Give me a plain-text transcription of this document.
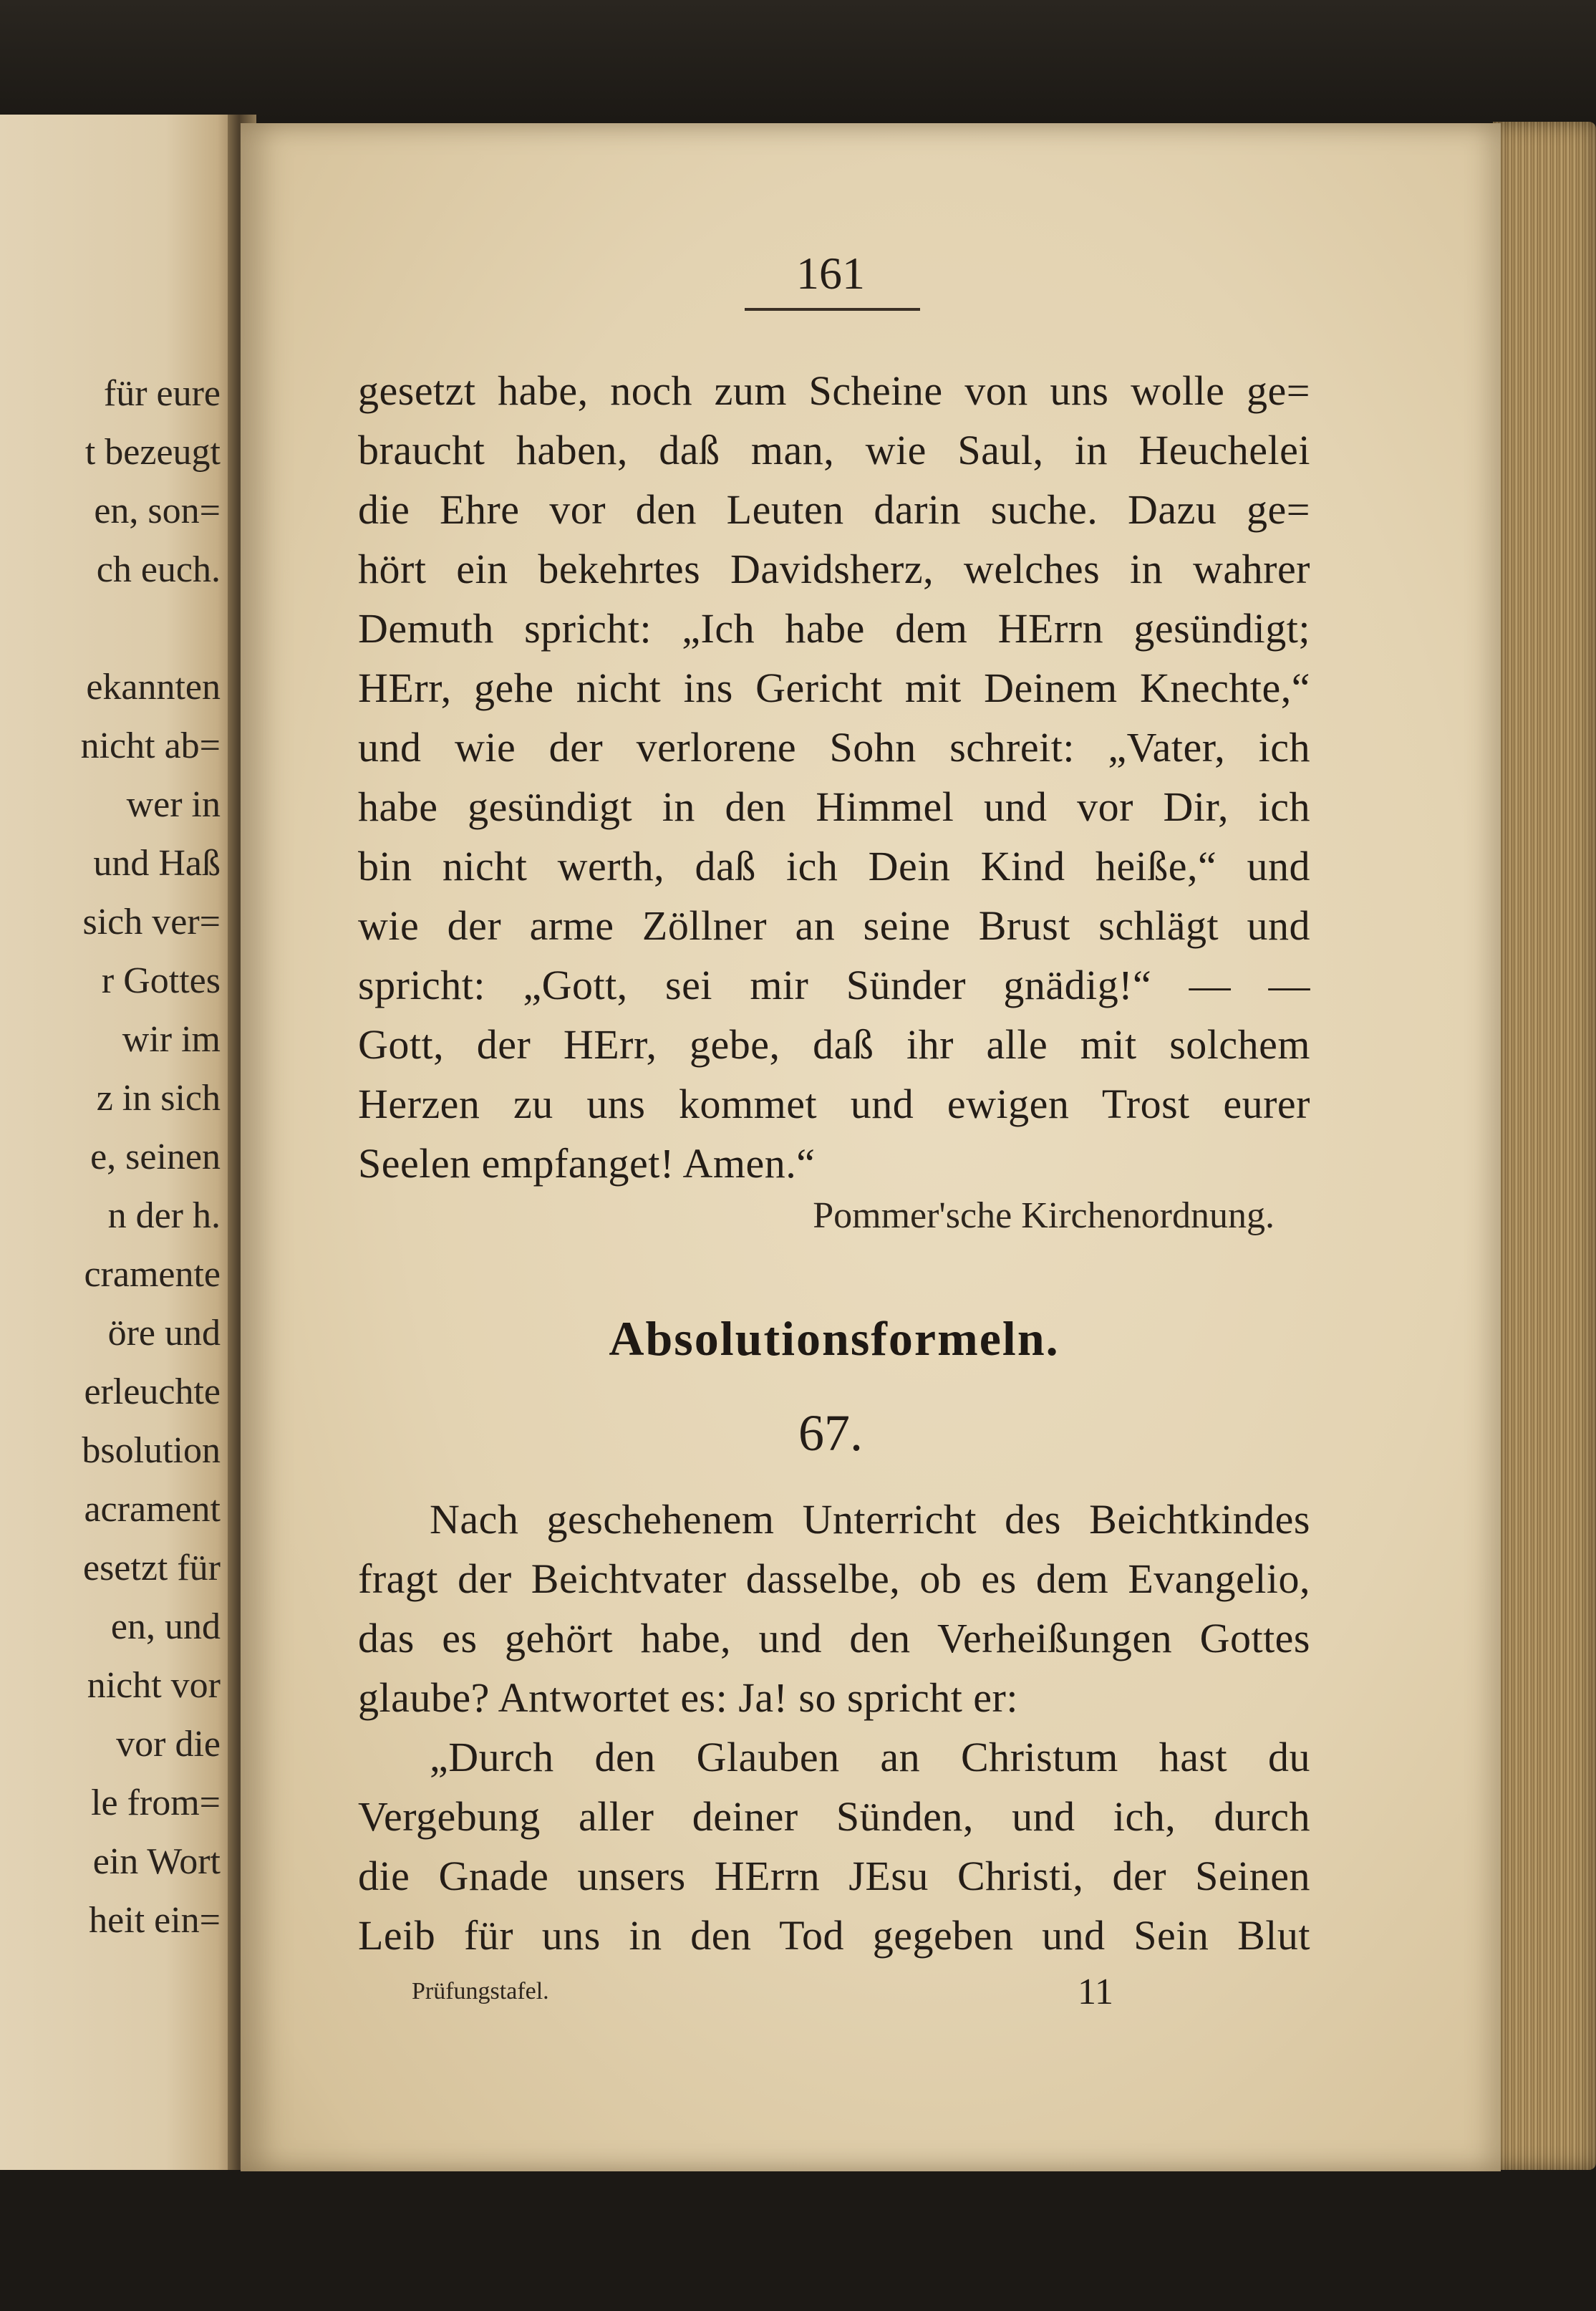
für eure
t bezeugt
en, son=
ch euch.
ekannten
nicht ab=
wer in
und Haß
sich ver=
r Gottes
wir im
z in sich
e, seinen
n der h.
cramente
öre und
erleuchte
bsolution
acrament
esetzt für
en, und
nicht vor
vor die
le from=
ein Wort
heit ein=
161
gesetzt habe, noch zum Scheine von uns wolle ge=
braucht haben, daß man, wie Saul, in Heuchelei
die Ehre vor den Leuten darin suche. Dazu ge=
hört ein bekehrtes Davidsherz, welches in wahrer
Demuth spricht: „Ich habe dem HErrn gesündigt;
HErr, gehe nicht ins Gericht mit Deinem Knechte,“
und wie der verlorene Sohn schreit: „Vater, ich
habe gesündigt in den Himmel und vor Dir, ich
bin nicht werth, daß ich Dein Kind heiße,“ und
wie der arme Zöllner an seine Brust schlägt und
spricht: „Gott, sei mir Sünder gnädig!“ — —
Gott, der HErr, gebe, daß ihr alle mit solchem
Herzen zu uns kommet und ewigen Trost eurer
Seelen empfanget! Amen.“
Pommer'sche Kirchenordnung.
Absolutionsformeln.
67.
Nach geschehenem Unterricht des Beichtkindes
fragt der Beichtvater dasselbe, ob es dem Evangelio,
das es gehört habe, und den Verheißungen Gottes
glaube? Antwortet es: Ja! so spricht er:
„Durch den Glauben an Christum hast du
Vergebung aller deiner Sünden, und ich, durch
die Gnade unsers HErrn JEsu Christi, der Seinen
Leib für uns in den Tod gegeben und Sein Blut
Prüfungstafel.	11
